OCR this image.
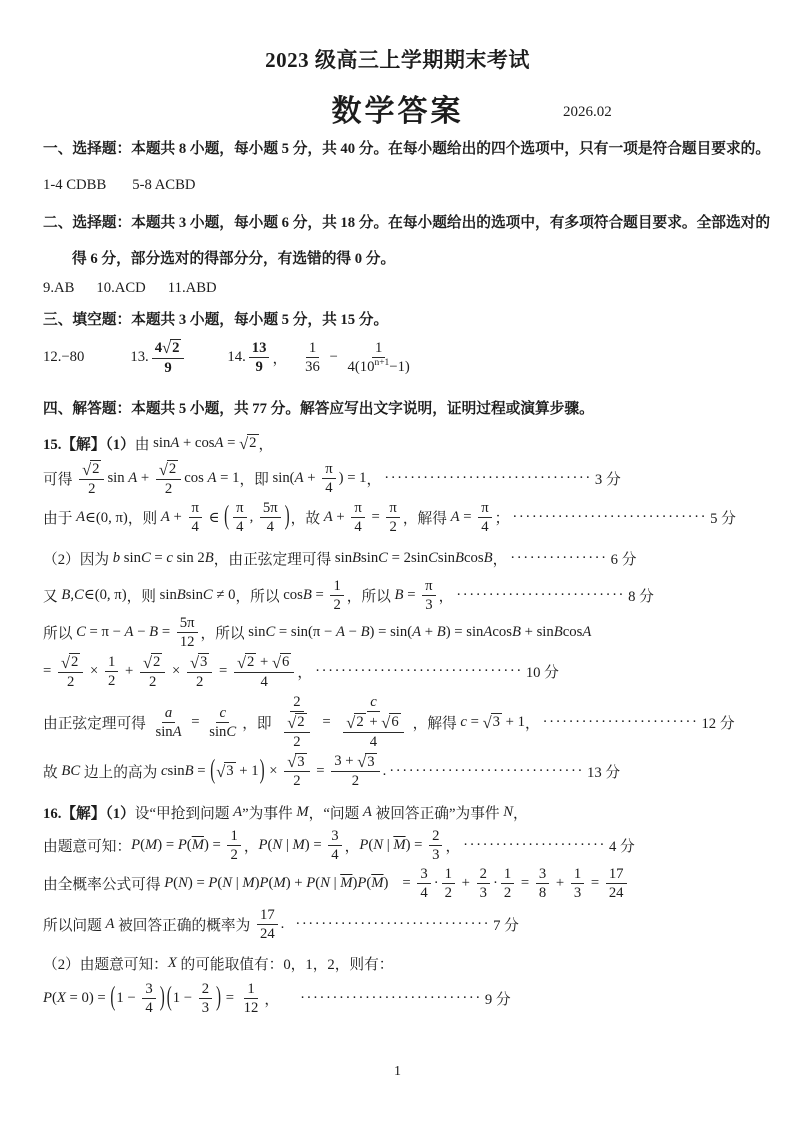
2023 级高三上学期期末考试
数学答案	2026.02
一、选择题：本题共 8 小题，每小题 5 分，共 40 分。在每小题给出的四个选项中，只有一项是符合题目要求的。
1-4 CDBB 5-8 ACBD
二、选择题：本题共 3 小题，每小题 6 分，共 18 分。在每小题给出的选项中，有多项符合题目要求。全部选对的
得 6 分，部分选对的得部分分，有选错的得 0 分。
9.AB 10.ACD 11.ABD
三、填空题：本题共 3 小题，每小题 5 分，共 15 分。
12.−80	13. $\frac{4 √ 2}{9}$	14. $\frac{13}{9}$ ， $\frac{1}{36} - \frac{1}{4(10 n+1 -1)}$
四、解答题：本题共 5 小题，共 77 分。解答应写出文字说明，证明过程或演算步骤。
15.【解】（1） 由 sin A + cos A = √ 2 ，
可得 $\frac{√ 2}{2}$ $\sin A + \frac{√ 2}{2}$ cos A = 1 ，即 sin( $A + \frac{\pi}{4}$ ) = 1 ， ································ 3 分
由于 A ∈(0, π) ，则 $A + \frac{\pi}{4}$ ∈ ( $\frac{\pi}{4}$ , $\frac{5\pi}{4}$ ) ，故 $A + \frac{\pi}{4} = \frac{\pi}{2}$ ，解得 $A = \frac{\pi}{4}$ ； ······························ 5 分
（2）因为 b sin C = c sin 2 B ，由正弦定理可得 sin B sin C = 2sin C sin B cos B ， ··············· 6 分
又 B , C ∈(0, π) ，则 sin B sin C ≠ 0 ，所以 $\cos B = \frac{1}{2}$ ，所以 $B = \frac{\pi}{3}$ ， ·························· 8 分
所以 $C = \pi - A - B = \frac{5\pi}{12}$ ，所以 sin C = sin(π − A − B ) = sin( A + B ) = sin A cos B + sin B cos A
= $\frac{√ 2}{2} \times \frac{1}{2} + \frac{√ 2}{2} \times \frac{√ 3}{2} = \frac{√ 2 + √ 6}{4}$ ， ································ 10 分
由正弦定理可得 $\frac{a}{\text{sin A}} = \frac{c}{\text{sin C}}$ ，即 $\frac{2}{\frac{√ 2}{2}} = \frac{c}{\frac{√ 2 + √ 6}{4}}$ ，解得 c = √ 3 + 1 ， ························ 12 分
故 BC 边上的高为 c sin B = ( √ 3 + 1 ) × $\frac{√ 3}{2} = \frac{3 + √ 3}{2}$ . ······························ 13 分
16.【解】（1） 设“甲抢到问题 A ”为事件 M ，“问题 A 被回答正确”为事件 N ，
由题意可知： P ( M ) = P ( $\overline{M}$ ) = $\frac{1}{2}$ ， P ( N | M ) = $\frac{3}{4}$ ， P ( N | $\overline{M}$ ) = $\frac{2}{3}$ ， ······················ 4 分
由全概率公式可得 P ( N ) = P ( N | M ) P ( M ) + P ( N | $\overline{M}$ ) P ( $\overline{M}$ ) = $\frac{3}{4} \cdot \frac{1}{2} + \frac{2}{3} \cdot \frac{1}{2} = \frac{3}{8} + \frac{1}{3} = \frac{17}{24}$
所以问题 A 被回答正确的概率为 $\frac{17}{24}$ . ······························ 7 分
（2）由题意可知： X 的可能取值有：0，1，2，则有：
P ( X = 0) = ( $1 - \frac{3}{4}$ ) ( $1 - \frac{2}{3}$ ) = $\frac{1}{12}$ ， ···························· 9 分
1
